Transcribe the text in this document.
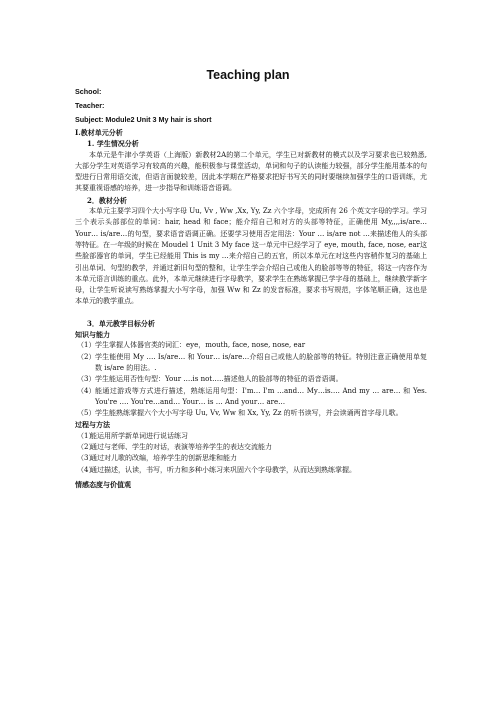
Teaching plan
School:
Teacher:
Subject: Module2 Unit 3 My hair is short

Ⅰ.教材单元分析

1. 学生情况分析

本单元是牛津小学英语（上海版）新教材2A的第二个单元，学生已对新教材的模式以及学习要求也已较熟悉,大部分学生对英语学习有较高的兴趣，能积极参与课堂活动，单词和句子的认读能力较强，部分学生能用基本的句型进行日常用语交流，但语言面貌较差，因此本学期在严格要求把好书写关的同时要继续加强学生的口语训练，尤其要重视语感的培养，进一步指导和训练语音语调。

2．教材分析

本单元主要学习四个大小写字母 Uu, Vv , Ww ,Xx, Yy, Zz 六个字母，完成所有 26 个英文字母的学习。学习三个表示头部部位的单词：hair, head 和 face；能介绍自己和对方的头部等特征，正确使用 My,,,,is/are…Your… is/are…的句型，要求语音语调正确。还要学习使用否定用法：Your … is/are not …来描述他人的头部等特征。在一年级的时候在 Moudel 1 Unit 3 My face 这一单元中已经学习了 eye, mouth, face, nose, ear这些脸部器官的单词，学生已经能用 This is my …来介绍自己的五官，所以本单元在对这些内容稍作复习的基础上引出单词、句型的教学，并通过新旧句型的整和，让学生学会介绍自己或他人的脸部等等的特征，将这一内容作为本单元语言训练的重点。此外，本单元继续进行字母教学，要求学生在熟练掌握已学字母的基础上，继续教学新字母，让学生听说读写熟练掌握大小写字母，加强 Ww 和 Zz 的发音标准，要求书写规范，字体笔顺正确，这也是本单元的教学重点。

3．单元教学目标分析

知识与能力

（1） 学生掌握人体器官类的词汇：eye，mouth, face, nose, nose, ear
（2） 学生能使用 My …. Is/are… 和 Your… is/are…介绍自己或他人的脸部等的特征。特别注意正确使用单复数 is/are 的用法。.
（3） 学生能运用否性句型：Your ….is not…..描述他人的脸部等的特征的语音语调。
（4） 能通过游戏等方式进行描述，熟练运用句型：I'm… I'm …and… My…is…. And my … are… 和 Yes. You're …. You're…and… Your… is … And your… are…
（5） 学生能熟练掌握六个大小写字母 Uu, Vv, Ww 和 Xx, Yy, Zz 的听书读写，并会读诵两首字母儿歌。

过程与方法

（1）
能运用所学新单词进行说话练习
（2）
通过与老师、学生的对话，表演等培养学生的表达交流能力
（3）
通过对儿歌的改编，培养学生的创新思维和能力
（4）
通过描述，认读，书写，听力和多种小练习来巩固六个字母教学，从而达到熟练掌握。

情感态度与价值观
